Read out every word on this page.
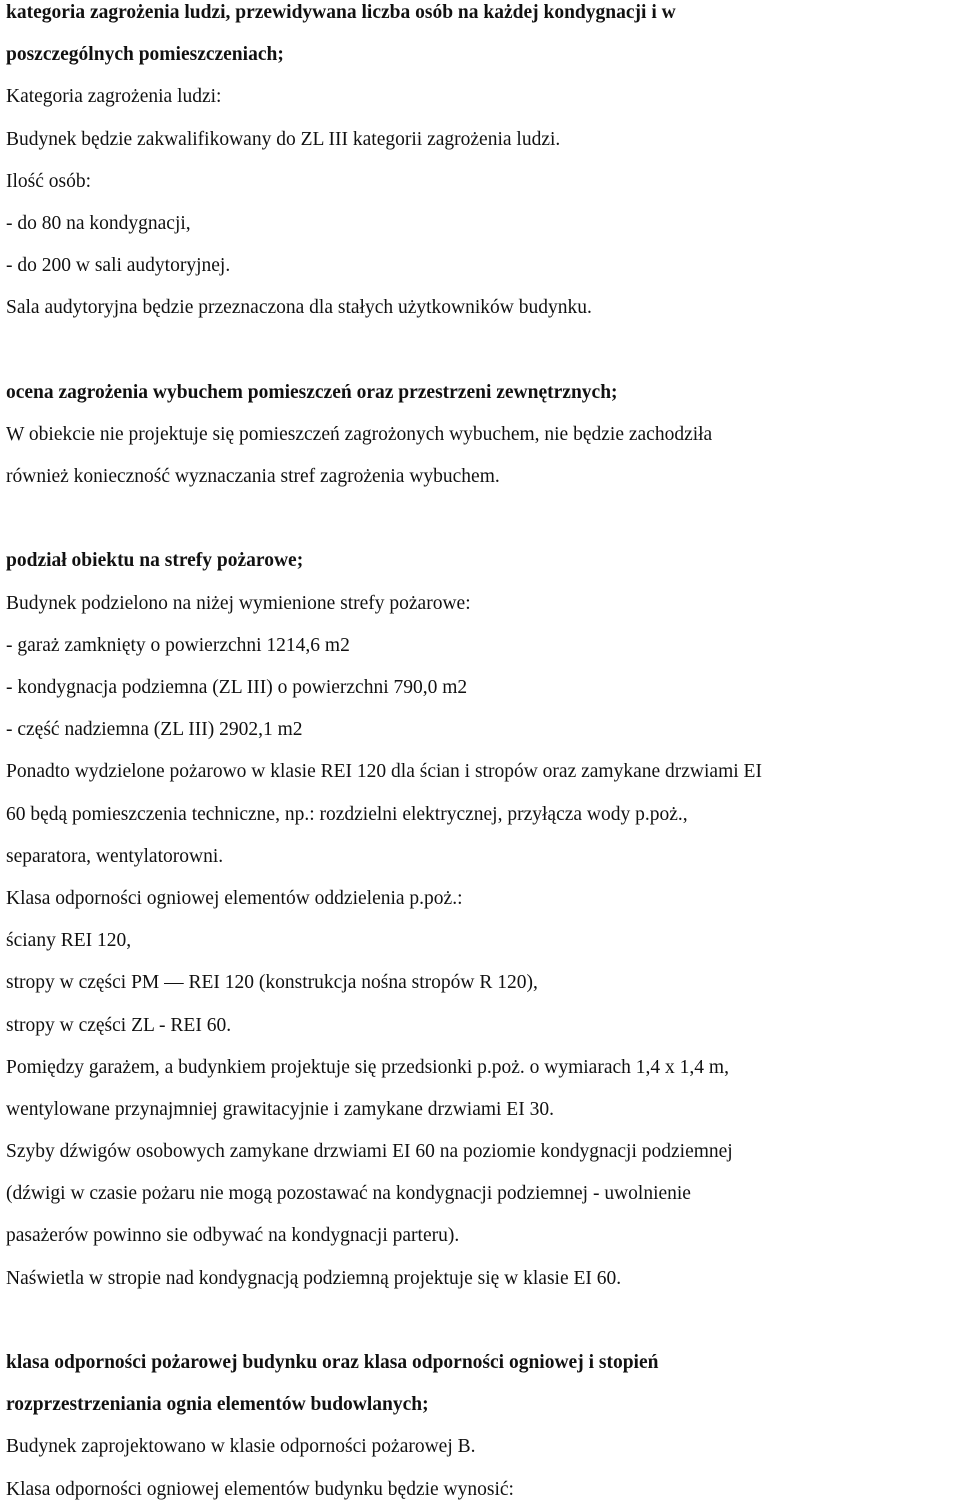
kategoria zagrożenia ludzi, przewidywana liczba osób na każdej kondygnacji i w

poszczególnych pomieszczeniach;

Kategoria zagrożenia ludzi:

Budynek będzie zakwalifikowany do ZL III kategorii zagrożenia ludzi.

Ilość osób:

- do 80 na kondygnacji,

- do 200 w sali audytoryjnej.

Sala audytoryjna będzie przeznaczona dla stałych użytkowników budynku.

ocena zagrożenia wybuchem pomieszczeń oraz przestrzeni zewnętrznych;

W obiekcie nie projektuje się pomieszczeń zagrożonych wybuchem, nie będzie zachodziła

również konieczność wyznaczania stref zagrożenia wybuchem.

podział obiektu na strefy pożarowe;

Budynek podzielono na niżej wymienione strefy pożarowe:

- garaż zamknięty o powierzchni 1214,6 m2

- kondygnacja podziemna (ZL III) o powierzchni 790,0 m2

- część nadziemna (ZL III) 2902,1 m2

Ponadto wydzielone pożarowo w klasie REI 120 dla ścian i stropów oraz zamykane drzwiami EI

60 będą pomieszczenia techniczne, np.: rozdzielni elektrycznej, przyłącza wody p.poż.,

separatora, wentylatorowni.

Klasa odporności ogniowej elementów oddzielenia p.poż.:

ściany REI 120,

stropy w części PM — REI 120 (konstrukcja nośna stropów R 120),

stropy w części ZL - REI 60.

Pomiędzy garażem, a budynkiem projektuje się przedsionki p.poż. o wymiarach 1,4 x 1,4 m,

wentylowane przynajmniej grawitacyjnie i zamykane drzwiami EI 30.

Szyby dźwigów osobowych zamykane drzwiami EI 60 na poziomie kondygnacji podziemnej

(dźwigi w czasie pożaru nie mogą pozostawać na kondygnacji podziemnej - uwolnienie

pasażerów powinno sie odbywać na kondygnacji parteru).

Naświetla w stropie nad kondygnacją podziemną projektuje się w klasie EI 60.

klasa odporności pożarowej budynku oraz klasa odporności ogniowej i stopień

rozprzestrzeniania ognia elementów budowlanych;

Budynek zaprojektowano w klasie odporności pożarowej B.

Klasa odporności ogniowej elementów budynku będzie wynosić:
